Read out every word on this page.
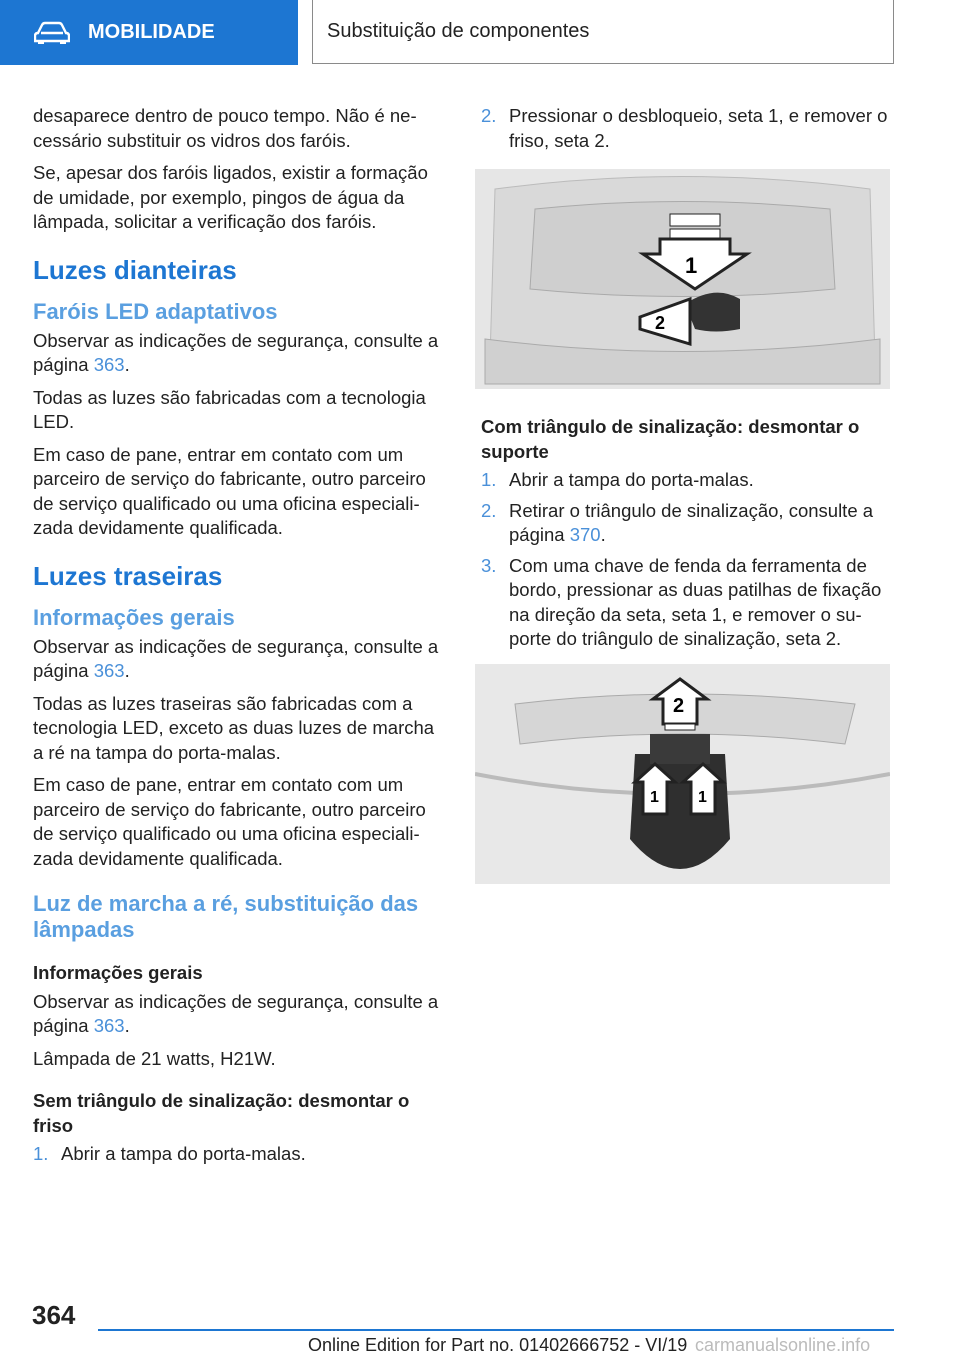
MOBILIDADE	Substituição de componentes

desaparece dentro de pouco tempo. Não é ne-cessário substituir os vidros dos faróis.

Se, apesar dos faróis ligados, existir a formação de umidade, por exemplo, pingos de água da lâmpada, solicitar a verificação dos faróis.

Luzes dianteiras
Faróis LED adaptativos

Observar as indicações de segurança, consulte a página 363.

Todas as luzes são fabricadas com a tecnologia LED.

Em caso de pane, entrar em contato com um parceiro de serviço do fabricante, outro parceiro de serviço qualificado ou uma oficina especiali-zada devidamente qualificada.

Luzes traseiras
Informações gerais

Observar as indicações de segurança, consulte a página 363.

Todas as luzes traseiras são fabricadas com a tecnologia LED, exceto as duas luzes de marcha a ré na tampa do porta-malas.

Em caso de pane, entrar em contato com um parceiro de serviço do fabricante, outro parceiro de serviço qualificado ou uma oficina especiali-zada devidamente qualificada.

Luz de marcha a ré, substituição das lâmpadas
Informações gerais

Observar as indicações de segurança, consulte a página 363.

Lâmpada de 21 watts, H21W.

Sem triângulo de sinalização: desmontar o friso
1. Abrir a tampa do porta-malas.
2. Pressionar o desbloqueio, seta 1, e remover o friso, seta 2.
1
2
Com triângulo de sinalização: desmontar o suporte
1. Abrir a tampa do porta-malas.
2. Retirar o triângulo de sinalização, consulte a página 370.
3. Com uma chave de fenda da ferramenta de bordo, pressionar as duas patilhas de fixação na direção da seta, seta 1, e remover o su-porte do triângulo de sinalização, seta 2.
2
1 1
364
Online Edition for Part no. 01402666752 - VI/19 carmanualsonline.info
